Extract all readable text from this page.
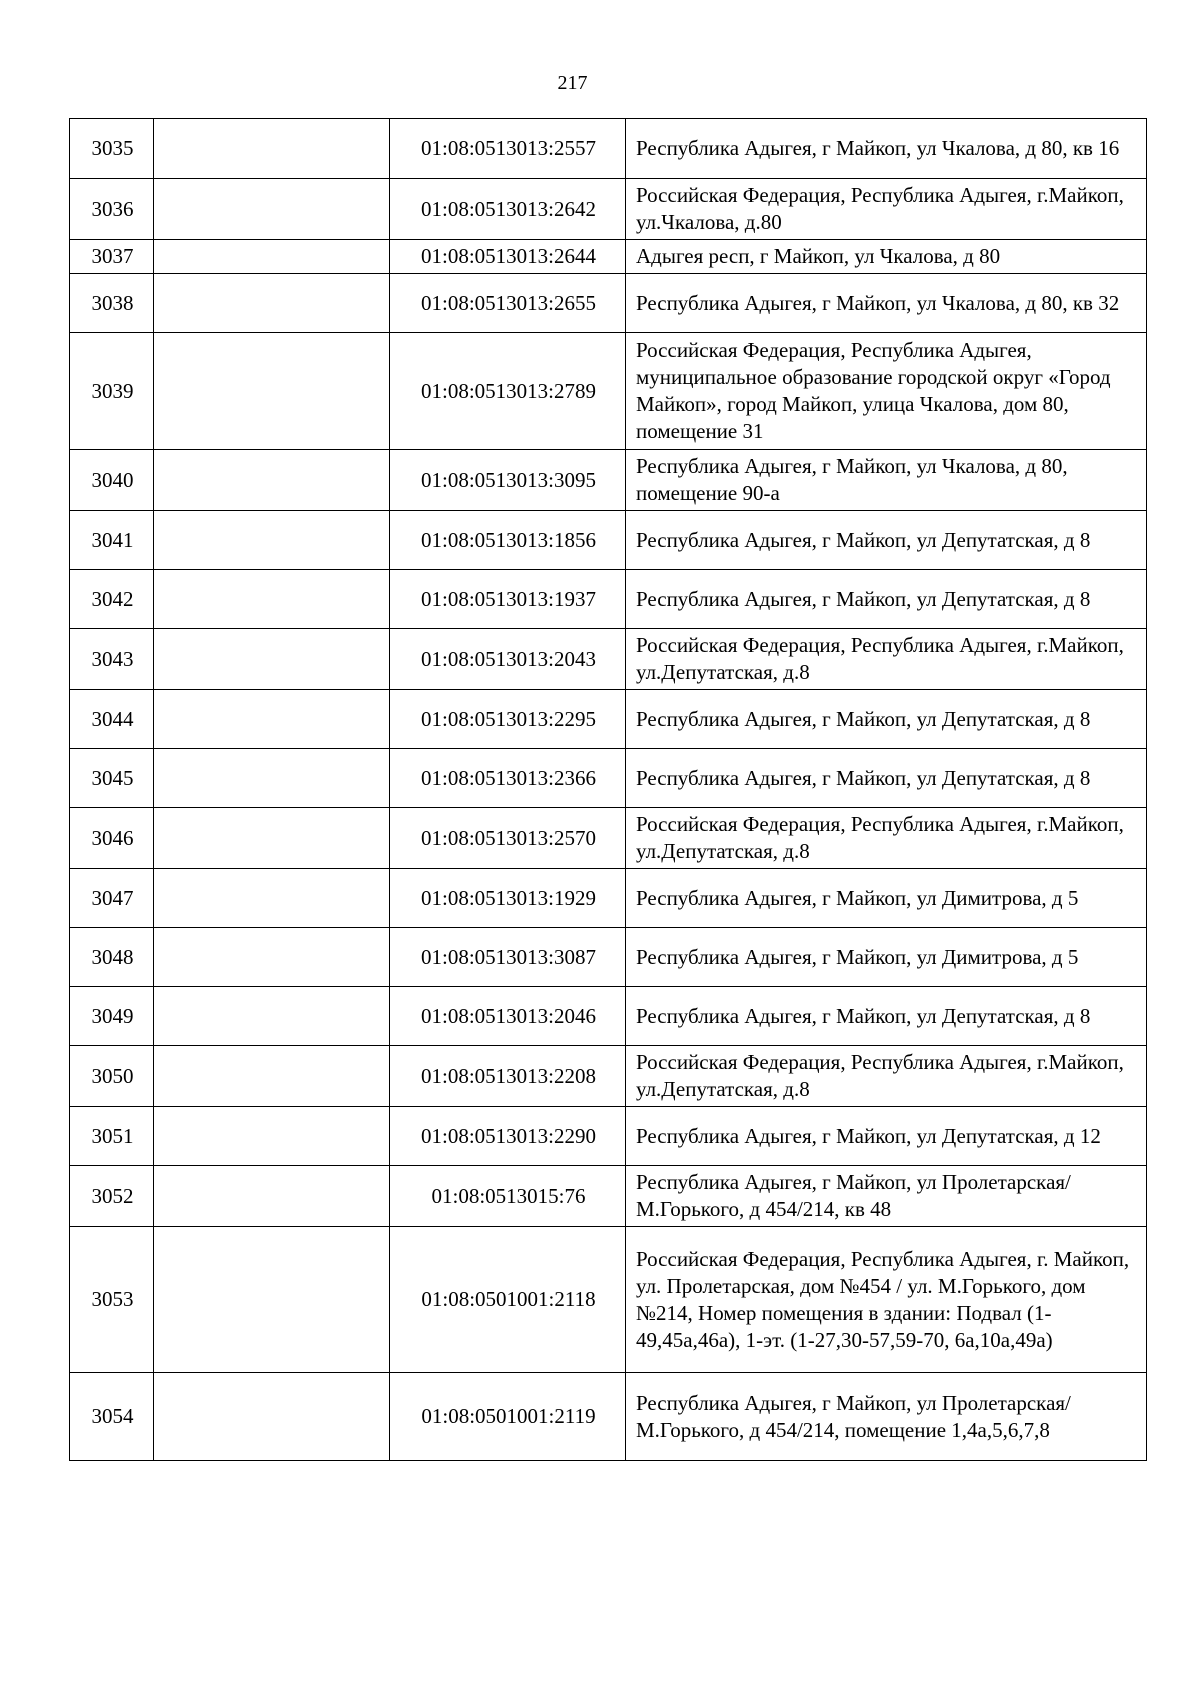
217
3035		01:08:0513013:2557	Республика Адыгея, г Майкоп, ул Чкалова, д 80, кв 16
3036		01:08:0513013:2642	Российская Федерация, Республика Адыгея, г.Майкоп, ул.Чкалова, д.80
3037		01:08:0513013:2644	Адыгея респ, г Майкоп, ул Чкалова, д 80
3038		01:08:0513013:2655	Республика Адыгея, г Майкоп, ул Чкалова, д 80, кв 32
3039		01:08:0513013:2789	Российская Федерация, Республика Адыгея, муниципальное образование городской округ «Город Майкоп», город Майкоп, улица Чкалова, дом 80, помещение 31
3040		01:08:0513013:3095	Республика Адыгея, г Майкоп, ул Чкалова, д 80, помещение 90-а
3041		01:08:0513013:1856	Республика Адыгея, г Майкоп, ул Депутатская, д 8
3042		01:08:0513013:1937	Республика Адыгея, г Майкоп, ул Депутатская, д 8
3043		01:08:0513013:2043	Российская Федерация, Республика Адыгея, г.Майкоп, ул.Депутатская, д.8
3044		01:08:0513013:2295	Республика Адыгея, г Майкоп, ул Депутатская, д 8
3045		01:08:0513013:2366	Республика Адыгея, г Майкоп, ул Депутатская, д 8
3046		01:08:0513013:2570	Российская Федерация, Республика Адыгея, г.Майкоп, ул.Депутатская, д.8
3047		01:08:0513013:1929	Республика Адыгея, г Майкоп, ул Димитрова, д 5
3048		01:08:0513013:3087	Республика Адыгея, г Майкоп, ул Димитрова, д 5
3049		01:08:0513013:2046	Республика Адыгея, г Майкоп, ул Депутатская, д 8
3050		01:08:0513013:2208	Российская Федерация, Республика Адыгея, г.Майкоп, ул.Депутатская, д.8
3051		01:08:0513013:2290	Республика Адыгея, г Майкоп, ул Депутатская, д 12
3052		01:08:0513015:76	Республика Адыгея, г Майкоп, ул Пролетарская/М.Горького, д 454/214, кв 48
3053		01:08:0501001:2118	Российская Федерация, Республика Адыгея, г. Майкоп, ул. Пролетарская, дом №454 / ул. М.Горького, дом №214, Номер помещения в здании: Подвал (1-49,45а,46а), 1-эт. (1-27,30-57,59-70, 6а,10а,49а)
3054		01:08:0501001:2119	Республика Адыгея, г Майкоп, ул Пролетарская/М.Горького, д 454/214, помещение 1,4а,5,6,7,8
